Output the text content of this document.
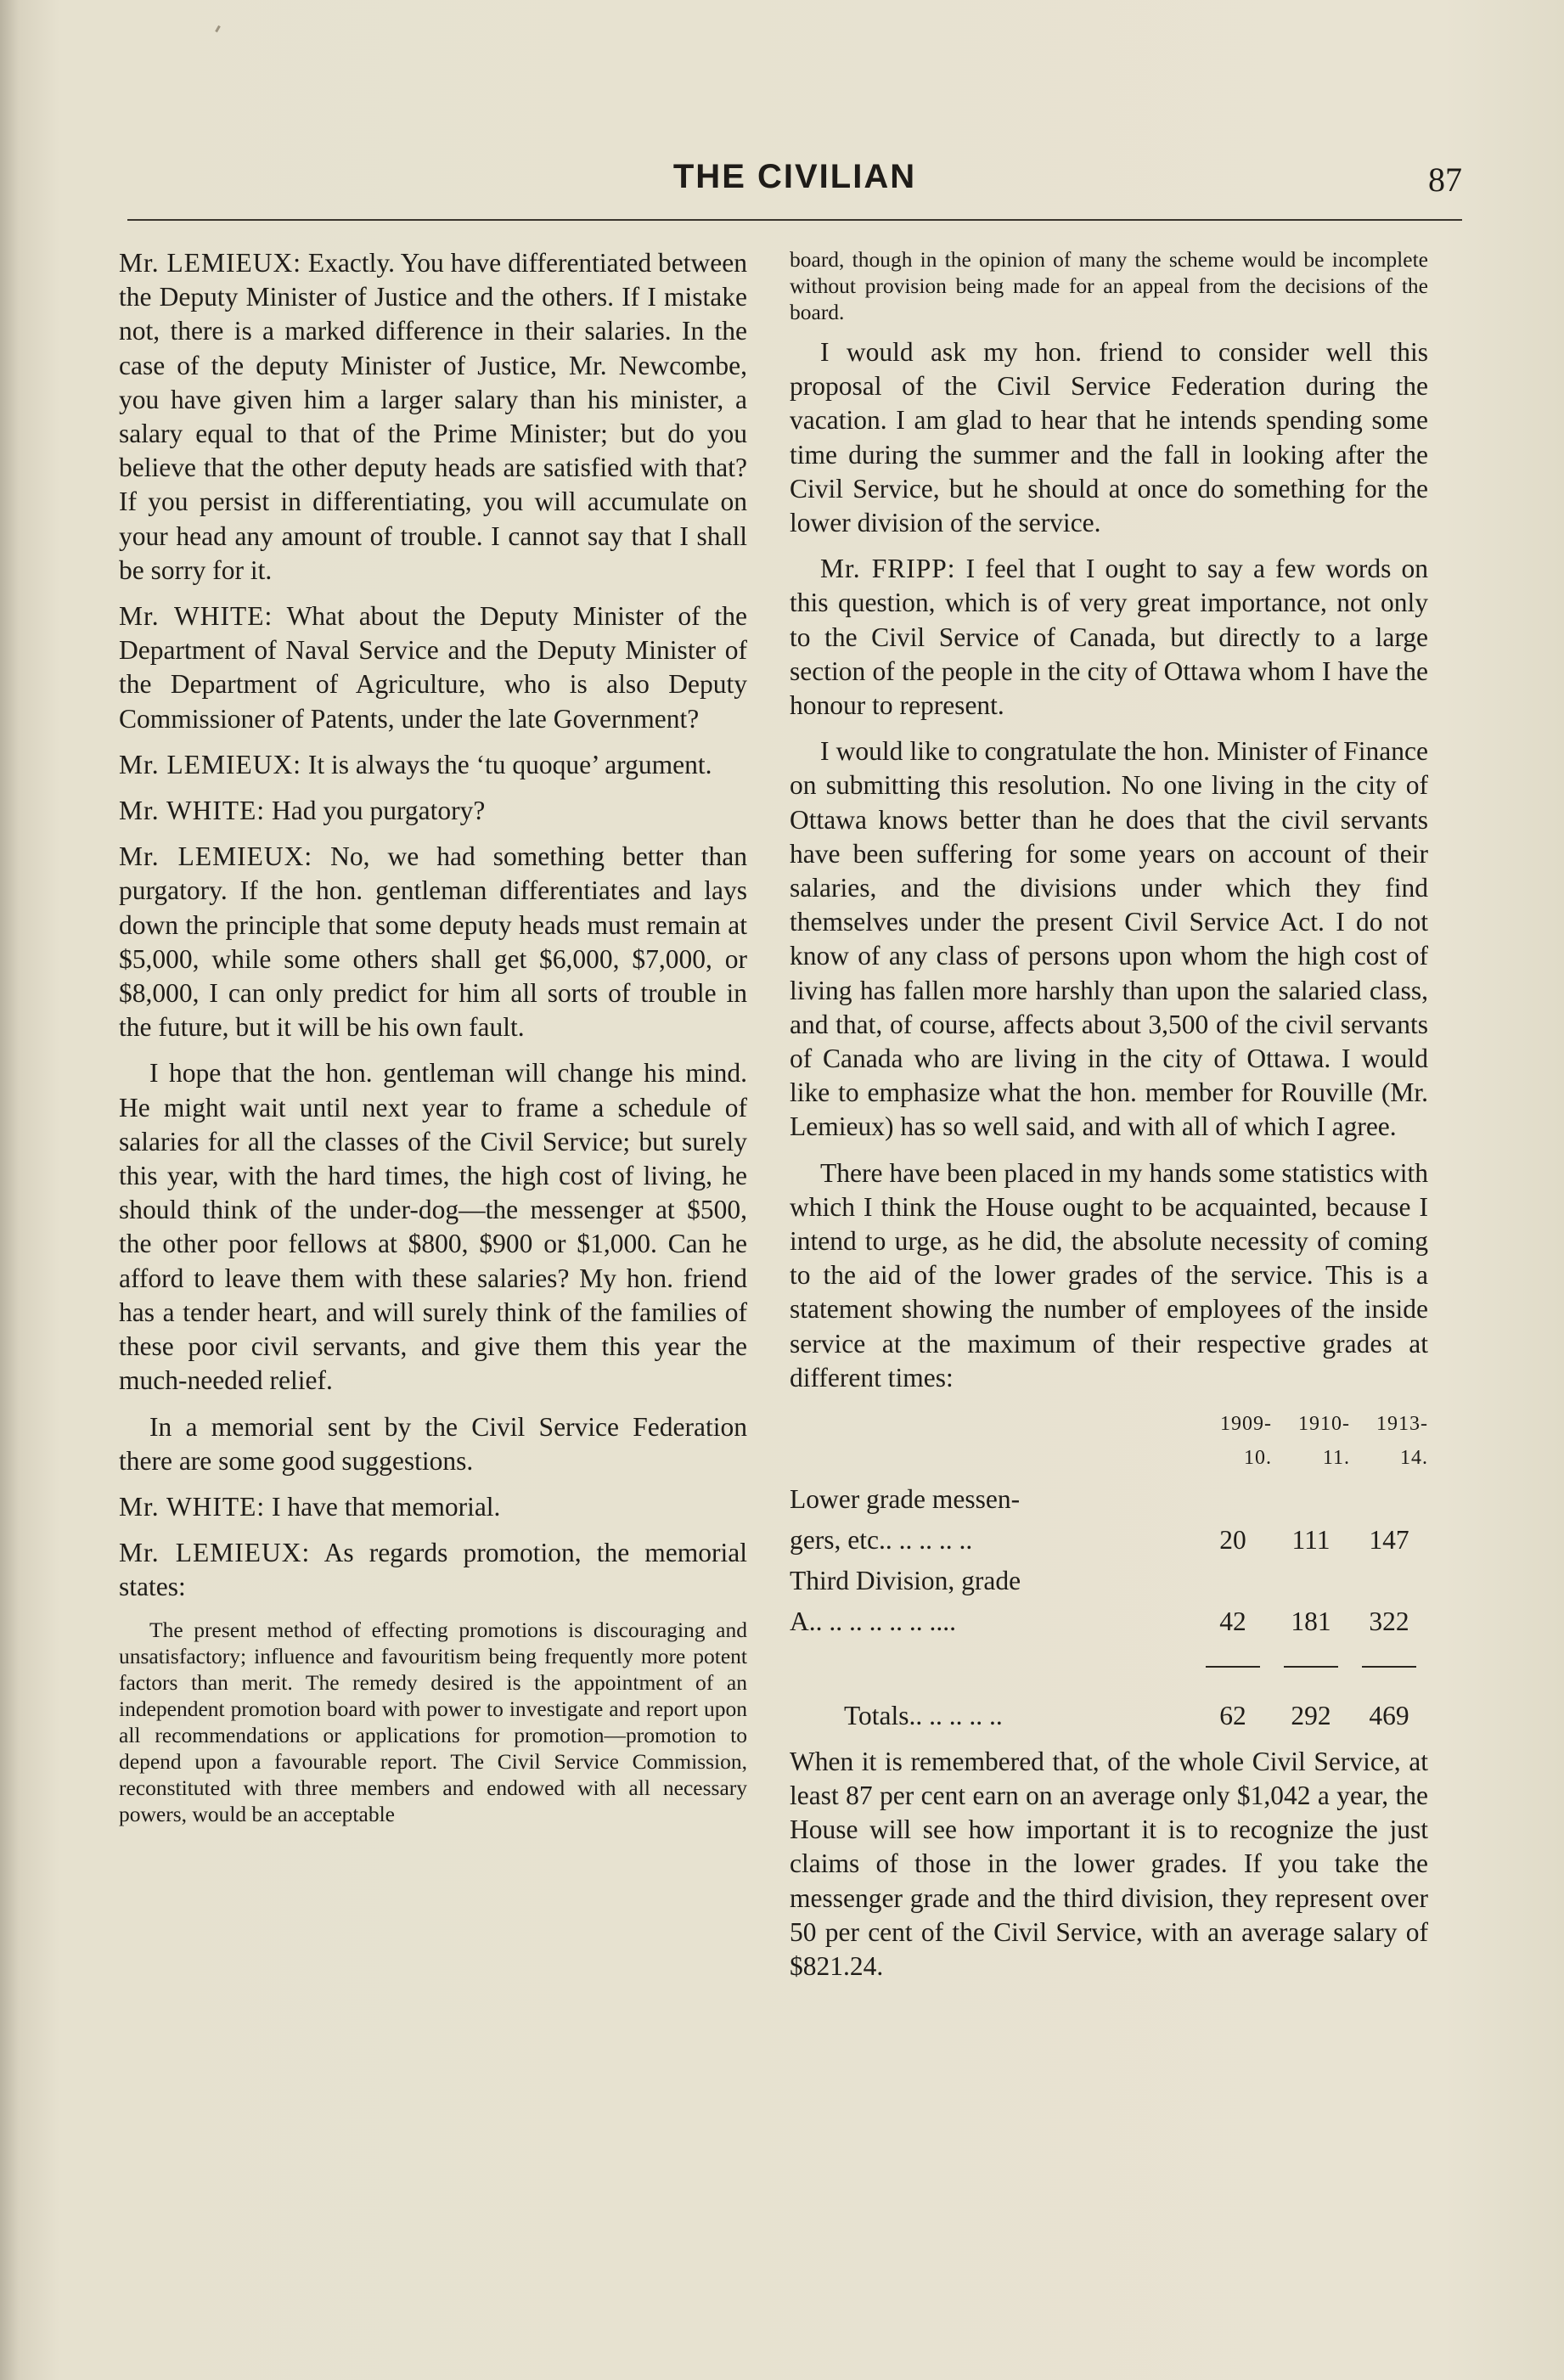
THE CIVILIAN	87

Mr. LEMIEUX: Exactly. You have differentiated between the Deputy Minister of Justice and the others. If I mistake not, there is a marked difference in their salaries. In the case of the deputy Minister of Justice, Mr. Newcombe, you have given him a larger salary than his minister, a salary equal to that of the Prime Minister; but do you believe that the other deputy heads are satisfied with that? If you persist in differentiating, you will accumulate on your head any amount of trouble. I cannot say that I shall be sorry for it.

Mr. WHITE: What about the Deputy Minister of the Department of Naval Service and the Deputy Minister of the Department of Agriculture, who is also Deputy Commissioner of Patents, under the late Government?

Mr. LEMIEUX: It is always the ‘tu quoque’ argument.

Mr. WHITE: Had you purgatory?

Mr. LEMIEUX: No, we had something better than purgatory. If the hon. gentleman differentiates and lays down the principle that some deputy heads must remain at $5,000, while some others shall get $6,000, $7,000, or $8,000, I can only predict for him all sorts of trouble in the future, but it will be his own fault.

I hope that the hon. gentleman will change his mind. He might wait until next year to frame a schedule of salaries for all the classes of the Civil Service; but surely this year, with the hard times, the high cost of living, he should think of the under-dog—the messenger at $500, the other poor fellows at $800, $900 or $1,000. Can he afford to leave them with these salaries? My hon. friend has a tender heart, and will surely think of the families of these poor civil servants, and give them this year the much-needed relief.

In a memorial sent by the Civil Service Federation there are some good suggestions.

Mr. WHITE: I have that memorial.

Mr. LEMIEUX: As regards promotion, the memorial states:

The present method of effecting promotions is discouraging and unsatisfactory; influence and favouritism being frequently more potent factors than merit. The remedy desired is the appointment of an independent promotion board with power to investigate and report upon all recommendations or applications for promotion—promotion to depend upon a favourable report. The Civil Service Commission, reconstituted with three members and endowed with all necessary powers, would be an acceptable

board, though in the opinion of many the scheme would be incomplete without provision being made for an appeal from the decisions of the board.

I would ask my hon. friend to consider well this proposal of the Civil Service Federation during the vacation. I am glad to hear that he intends spending some time during the summer and the fall in looking after the Civil Service, but he should at once do something for the lower division of the service.

Mr. FRIPP: I feel that I ought to say a few words on this question, which is of very great importance, not only to the Civil Service of Canada, but directly to a large section of the people in the city of Ottawa whom I have the honour to represent.

I would like to congratulate the hon. Minister of Finance on submitting this resolution. No one living in the city of Ottawa knows better than he does that the civil servants have been suffering for some years on account of their salaries, and the divisions under which they find themselves under the present Civil Service Act. I do not know of any class of persons upon whom the high cost of living has fallen more harshly than upon the salaried class, and that, of course, affects about 3,500 of the civil servants of Canada who are living in the city of Ottawa. I would like to emphasize what the hon. member for Rouville (Mr. Lemieux) has so well said, and with all of which I agree.

There have been placed in my hands some statistics with which I think the House ought to be acquainted, because I intend to urge, as he did, the absolute necessity of coming to the aid of the lower grades of the service. This is a statement showing the number of employees of the inside service at the maximum of their respective grades at different times:

	1909-10.	1910-11.	1913-14.
Lower grade messen-			
gers, etc.. .. .. .. ..	20	111	147
Third Division, grade			
A.. .. .. .. .. .. ....	42	181	322

Totals.. .. .. .. ..	62	292	469

When it is remembered that, of the whole Civil Service, at least 87 per cent earn on an average only $1,042 a year, the House will see how important it is to recognize the just claims of those in the lower grades. If you take the messenger grade and the third division, they represent over 50 per cent of the Civil Service, with an average salary of $821.24.
